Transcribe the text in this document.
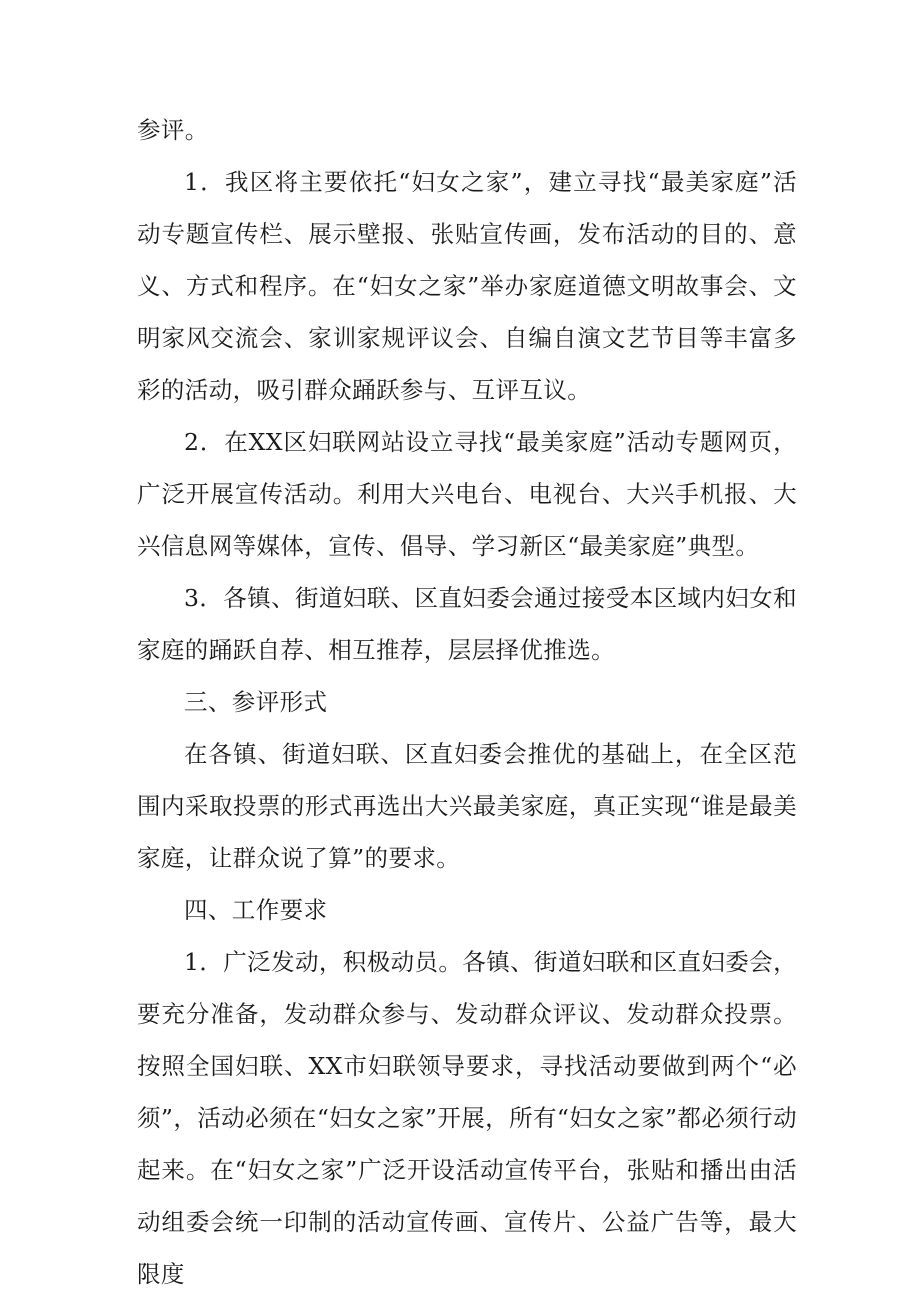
参评。

1．我区将主要依托“妇女之家”，建立寻找“最美家庭”活动专题宣传栏、展示壁报、张贴宣传画，发布活动的目的、意义、方式和程序。在“妇女之家”举办家庭道德文明故事会、文明家风交流会、家训家规评议会、自编自演文艺节目等丰富多彩的活动，吸引群众踊跃参与、互评互议。

2．在XX区妇联网站设立寻找“最美家庭”活动专题网页，广泛开展宣传活动。利用大兴电台、电视台、大兴手机报、大兴信息网等媒体，宣传、倡导、学习新区“最美家庭”典型。

3．各镇、街道妇联、区直妇委会通过接受本区域内妇女和家庭的踊跃自荐、相互推荐，层层择优推选。

三、参评形式

在各镇、街道妇联、区直妇委会推优的基础上，在全区范围内采取投票的形式再选出大兴最美家庭，真正实现“谁是最美家庭，让群众说了算”的要求。

四、工作要求

1．广泛发动，积极动员。各镇、街道妇联和区直妇委会，要充分准备，发动群众参与、发动群众评议、发动群众投票。按照全国妇联、XX市妇联领导要求，寻找活动要做到两个“必须”，活动必须在“妇女之家”开展，所有“妇女之家”都必须行动起来。在“妇女之家”广泛开设活动宣传平台，张贴和播出由活动组委会统一印制的活动宣传画、宣传片、公益广告等，最大限度
